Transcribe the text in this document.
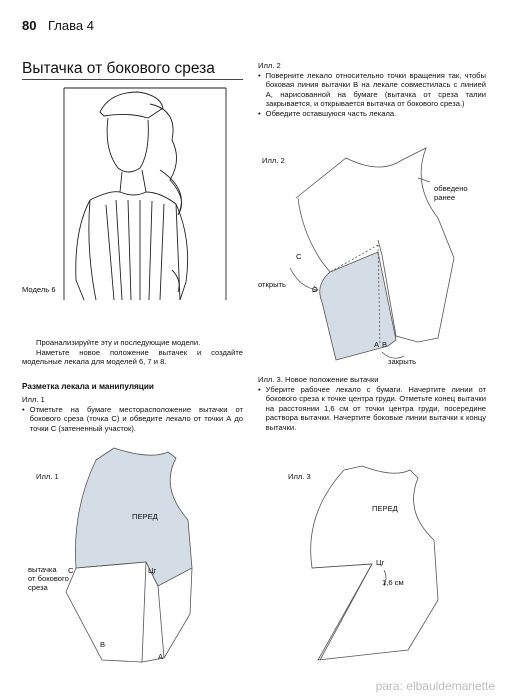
80 Глава 4
Вытачка от бокового среза
Модель 6

Проанализируйте эту и последующие модели.

Наметьте новое положение вытачек и создайте модельные лекала для моделей 6, 7 и 8.

Разметка лекала и манипуляции
Илл. 1
• Отметьте на бумаге месторасположение вытачки от бокового среза (точка С) и обведите лекало от точки А до точки С (затененный участок).
Илл. 2
• Поверните лекало относительно точки вращения так, чтобы боковая линия вытачки В на лекале совместилась с линией А, нарисованной на бумаге (вытачка от среза талии закрывается, и открывается вытачка от бокового среза.)
• Обведите оставшуюся часть лекала.
Илл. 3. Новое положение вытачки
• Уберите рабочее лекало с бумаги. Начертите линии от бокового среза к точке центра груди. Отметьте конец вытачки на расстоянии 1,6 см от точки центра груди, посередине раствора вытачки. Начертите боковые линии вытачки к концу вытачки.
Илл. 2
обведено
ранее
открыть
закрыть
С
С
В
А
Илл. 1
ПЕРЕД
вытачка
от бокового
среза
С	Цг
В
А
Илл. 3
ПЕРЕД
Цг
1,6 см
para: elbauldemariette
